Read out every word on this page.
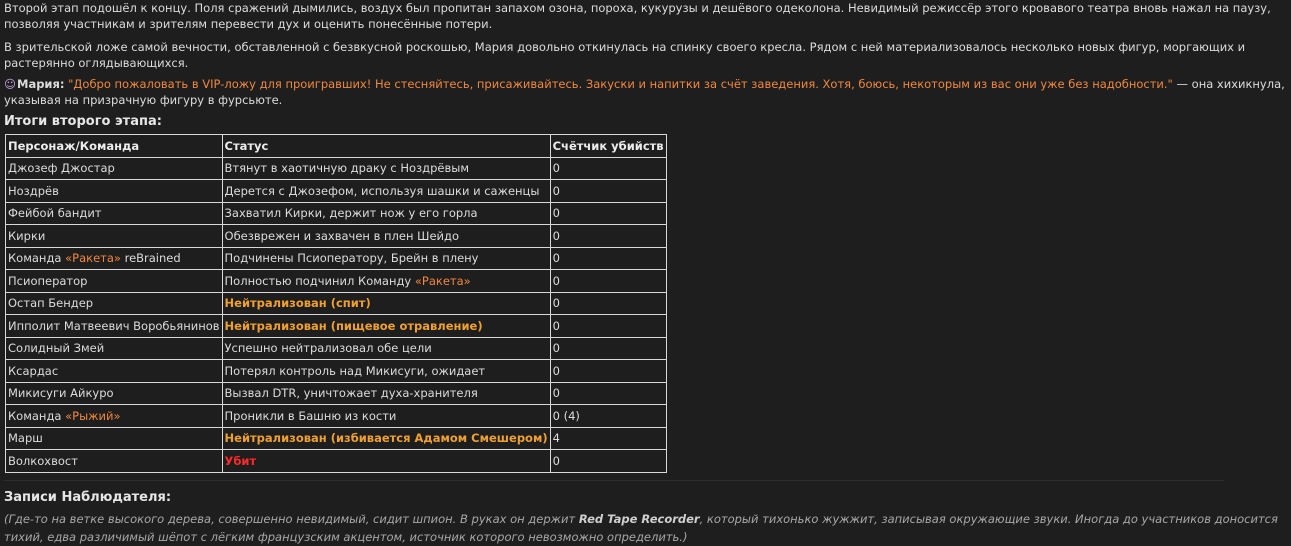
Второй этап подошёл к концу. Поля сражений дымились, воздух был пропитан запахом озона, пороха, кукурузы и дешёвого одеколона. Невидимый режиссёр этого кровавого театра вновь нажал на паузу, позволяя участникам и зрителям перевести дух и оценить понесённые потери.

В зрительской ложе самой вечности, обставленной с безвкусной роскошью, Мария довольно откинулась на спинку своего кресла. Рядом с ней материализовалось несколько новых фигур, моргающих и растерянно оглядывающихся.

☺Мария: "Добро пожаловать в VIP-ложу для проигравших! Не стесняйтесь, присаживайтесь. Закуски и напитки за счёт заведения. Хотя, боюсь, некоторым из вас они уже без надобности." — она хихикнула, указывая на призрачную фигуру в фурсьюте.

Итоги второго этапа:
Персонаж/Команда	Статус	Счётчик убийств
Джозеф Джостар	Втянут в хаотичную драку с Ноздрёвым	0
Ноздрёв	Дерется с Джозефом, используя шашки и саженцы	0
Фейбой бандит	Захватил Кирки, держит нож у его горла	0
Кирки	Обезврежен и захвачен в плен Шейдо	0
Команда «Ракета» reBrained	Подчинены Псиоператору, Брейн в плену	0
Псиоператор	Полностью подчинил Команду «Ракета»	0
Остап Бендер	Нейтрализован (спит)	0
Ипполит Матвеевич Воробьянинов	Нейтрализован (пищевое отравление)	0
Солидный Змей	Успешно нейтрализовал обе цели	0
Ксардас	Потерял контроль над Микисуги, ожидает	0
Микисуги Айкуро	Вызвал DTR, уничтожает духа-хранителя	0
Команда «Рыжий»	Проникли в Башню из кости	0 (4)
Марш	Нейтрализован (избивается Адамом Смешером)	4
Волкохвост	Убит	0
Записи Наблюдателя:

(Где-то на ветке высокого дерева, совершенно невидимый, сидит шпион. В руках он держит Red Tape Recorder, который тихонько жужжит, записывая окружающие звуки. Иногда до участников доносится тихий, едва различимый шёпот с лёгким французским акцентом, источник которого невозможно определить.)
